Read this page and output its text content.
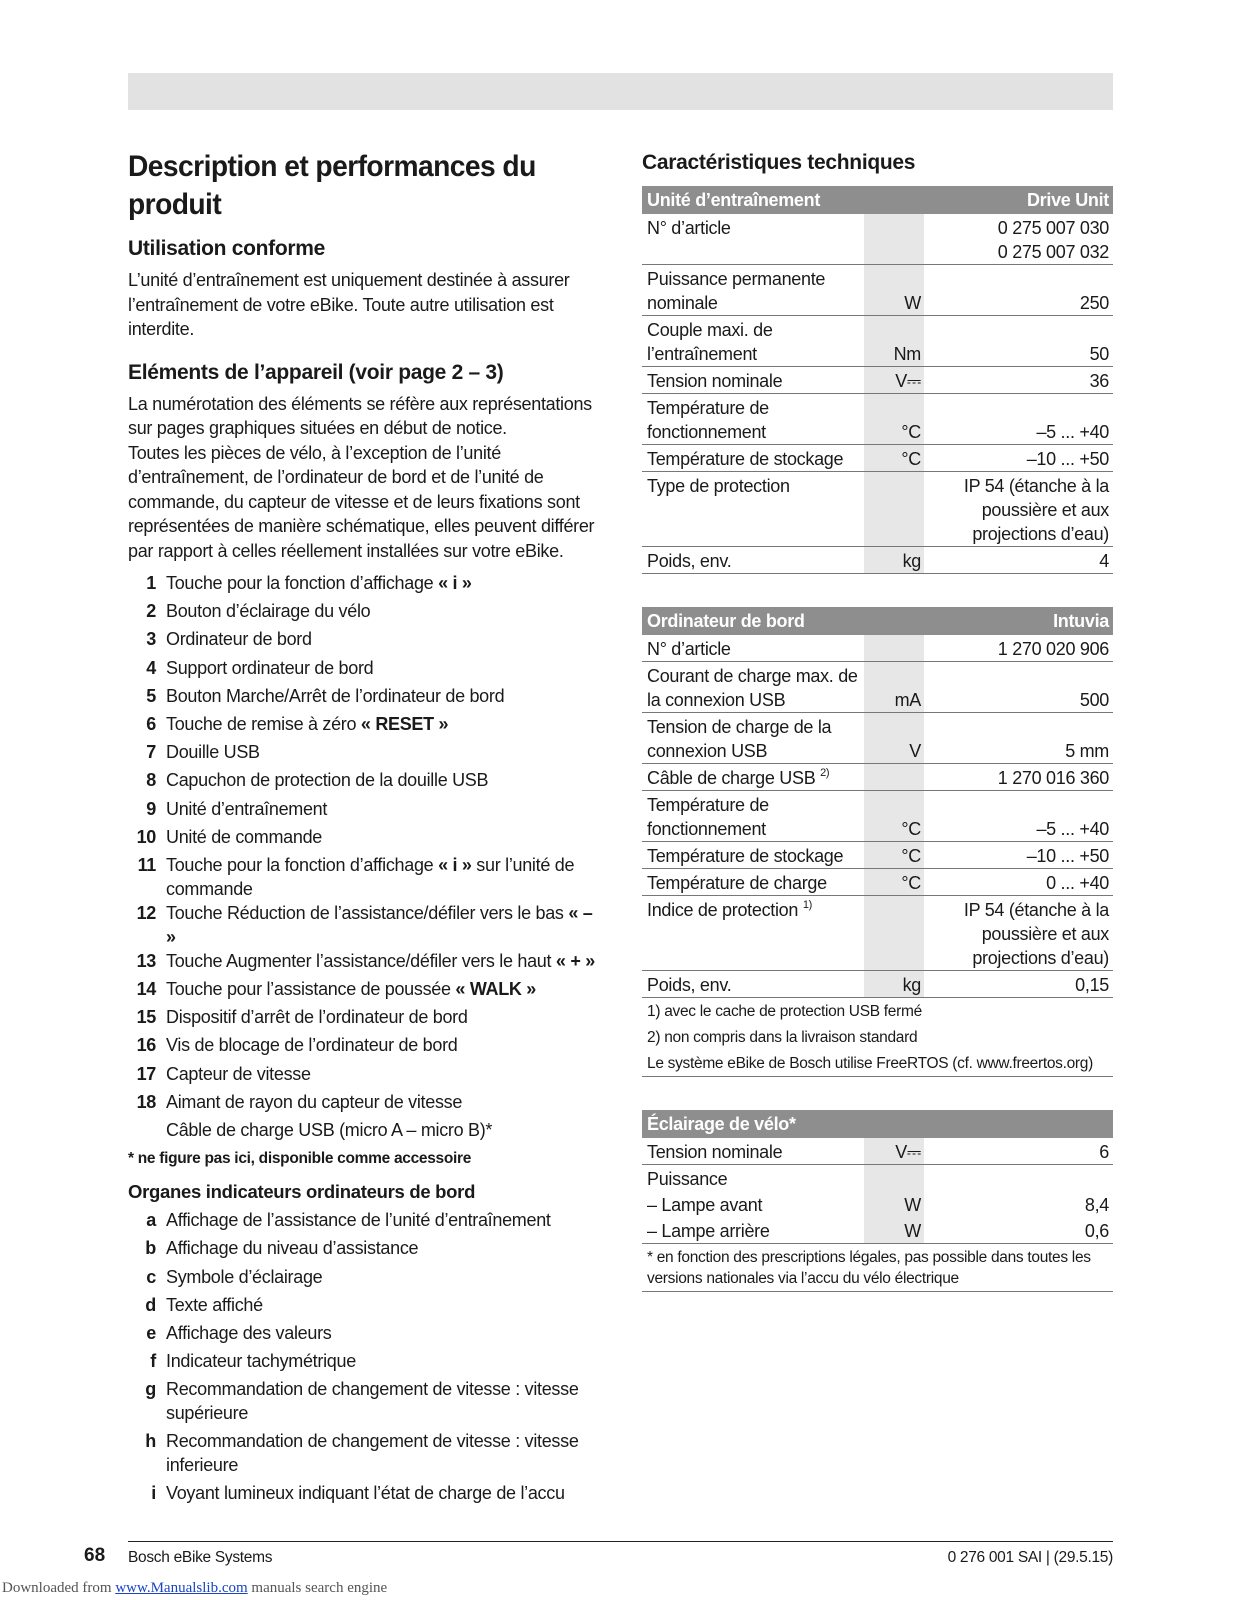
Description et performances du produit
Utilisation conforme

L’unité d’entraînement est uniquement destinée à assurer l’entraînement de votre eBike. Toute autre utilisation est interdite.

Eléments de l’appareil (voir page 2 – 3)

La numérotation des éléments se réfère aux représentations sur pages graphiques situées en début de notice.

Toutes les pièces de vélo, à l’exception de l’unité d’entraînement, de l’ordinateur de bord et de l’unité de commande, du capteur de vitesse et de leurs fixations sont représentées de manière schématique, elles peuvent différer par rapport à celles réellement installées sur votre eBike.

1 Touche pour la fonction d’affichage « i »
2 Bouton d’éclairage du vélo
3 Ordinateur de bord
4 Support ordinateur de bord
5 Bouton Marche/Arrêt de l’ordinateur de bord
6 Touche de remise à zéro « RESET »
7 Douille USB
8 Capuchon de protection de la douille USB
9 Unité d’entraînement
10 Unité de commande
11 Touche pour la fonction d’affichage « i » sur l’unité de commande
12 Touche Réduction de l’assistance/défiler vers le bas « – »
13 Touche Augmenter l’assistance/défiler vers le haut « + »
14 Touche pour l’assistance de poussée « WALK »
15 Dispositif d’arrêt de l’ordinateur de bord
16 Vis de blocage de l’ordinateur de bord
17 Capteur de vitesse
18 Aimant de rayon du capteur de vitesse
Câble de charge USB (micro A – micro B)*
* ne figure pas ici, disponible comme accessoire
Organes indicateurs ordinateurs de bord
a Affichage de l’assistance de l’unité d’entraînement
b Affichage du niveau d’assistance
c Symbole d’éclairage
d Texte affiché
e Affichage des valeurs
f Indicateur tachymétrique
g Recommandation de changement de vitesse : vitesse supérieure
h Recommandation de changement de vitesse : vitesse inferieure
i Voyant lumineux indiquant l’état de charge de l’accu
Caractéristiques techniques
Unité d’entraînement		Drive Unit
N° d’article		0 275 007 030
0 275 007 032
Puissance permanente nominale	W	250
Couple maxi. de l’entraînement	Nm	50
Tension nominale	V⎓	36
Température de fonctionnement	°C	–5 ... +40
Température de stockage	°C	–10 ... +50
Type de protection		IP 54 (étanche à la poussière et aux projections d’eau)
Poids, env.	kg	4
Ordinateur de bord		Intuvia
N° d’article		1 270 020 906
Courant de charge max. de la connexion USB	mA	500
Tension de charge de la connexion USB	V	5 mm
Câble de charge USB $^{2)}$		1 270 016 360
Température de fonctionnement	°C	–5 ... +40
Température de stockage	°C	–10 ... +50
Température de charge	°C	0 ... +40
Indice de protection $^{1)}$		IP 54 (étanche à la poussière et aux projections d’eau)
Poids, env.	kg	0,15
1) avec le cache de protection USB fermé		
2) non compris dans la livraison standard		
Le système eBike de Bosch utilise FreeRTOS (cf. www.freertos.org)		
Éclairage de vélo*		
Tension nominale	V⎓	6
Puissance		
– Lampe avant	W	8,4
– Lampe arrière	W	0,6
* en fonction des prescriptions légales, pas possible dans toutes les versions nationales via l’accu du vélo électrique		
68 Bosch eBike Systems	0 276 001 SAI | (29.5.15)
Downloaded from www.Manualslib.com manuals search engine
